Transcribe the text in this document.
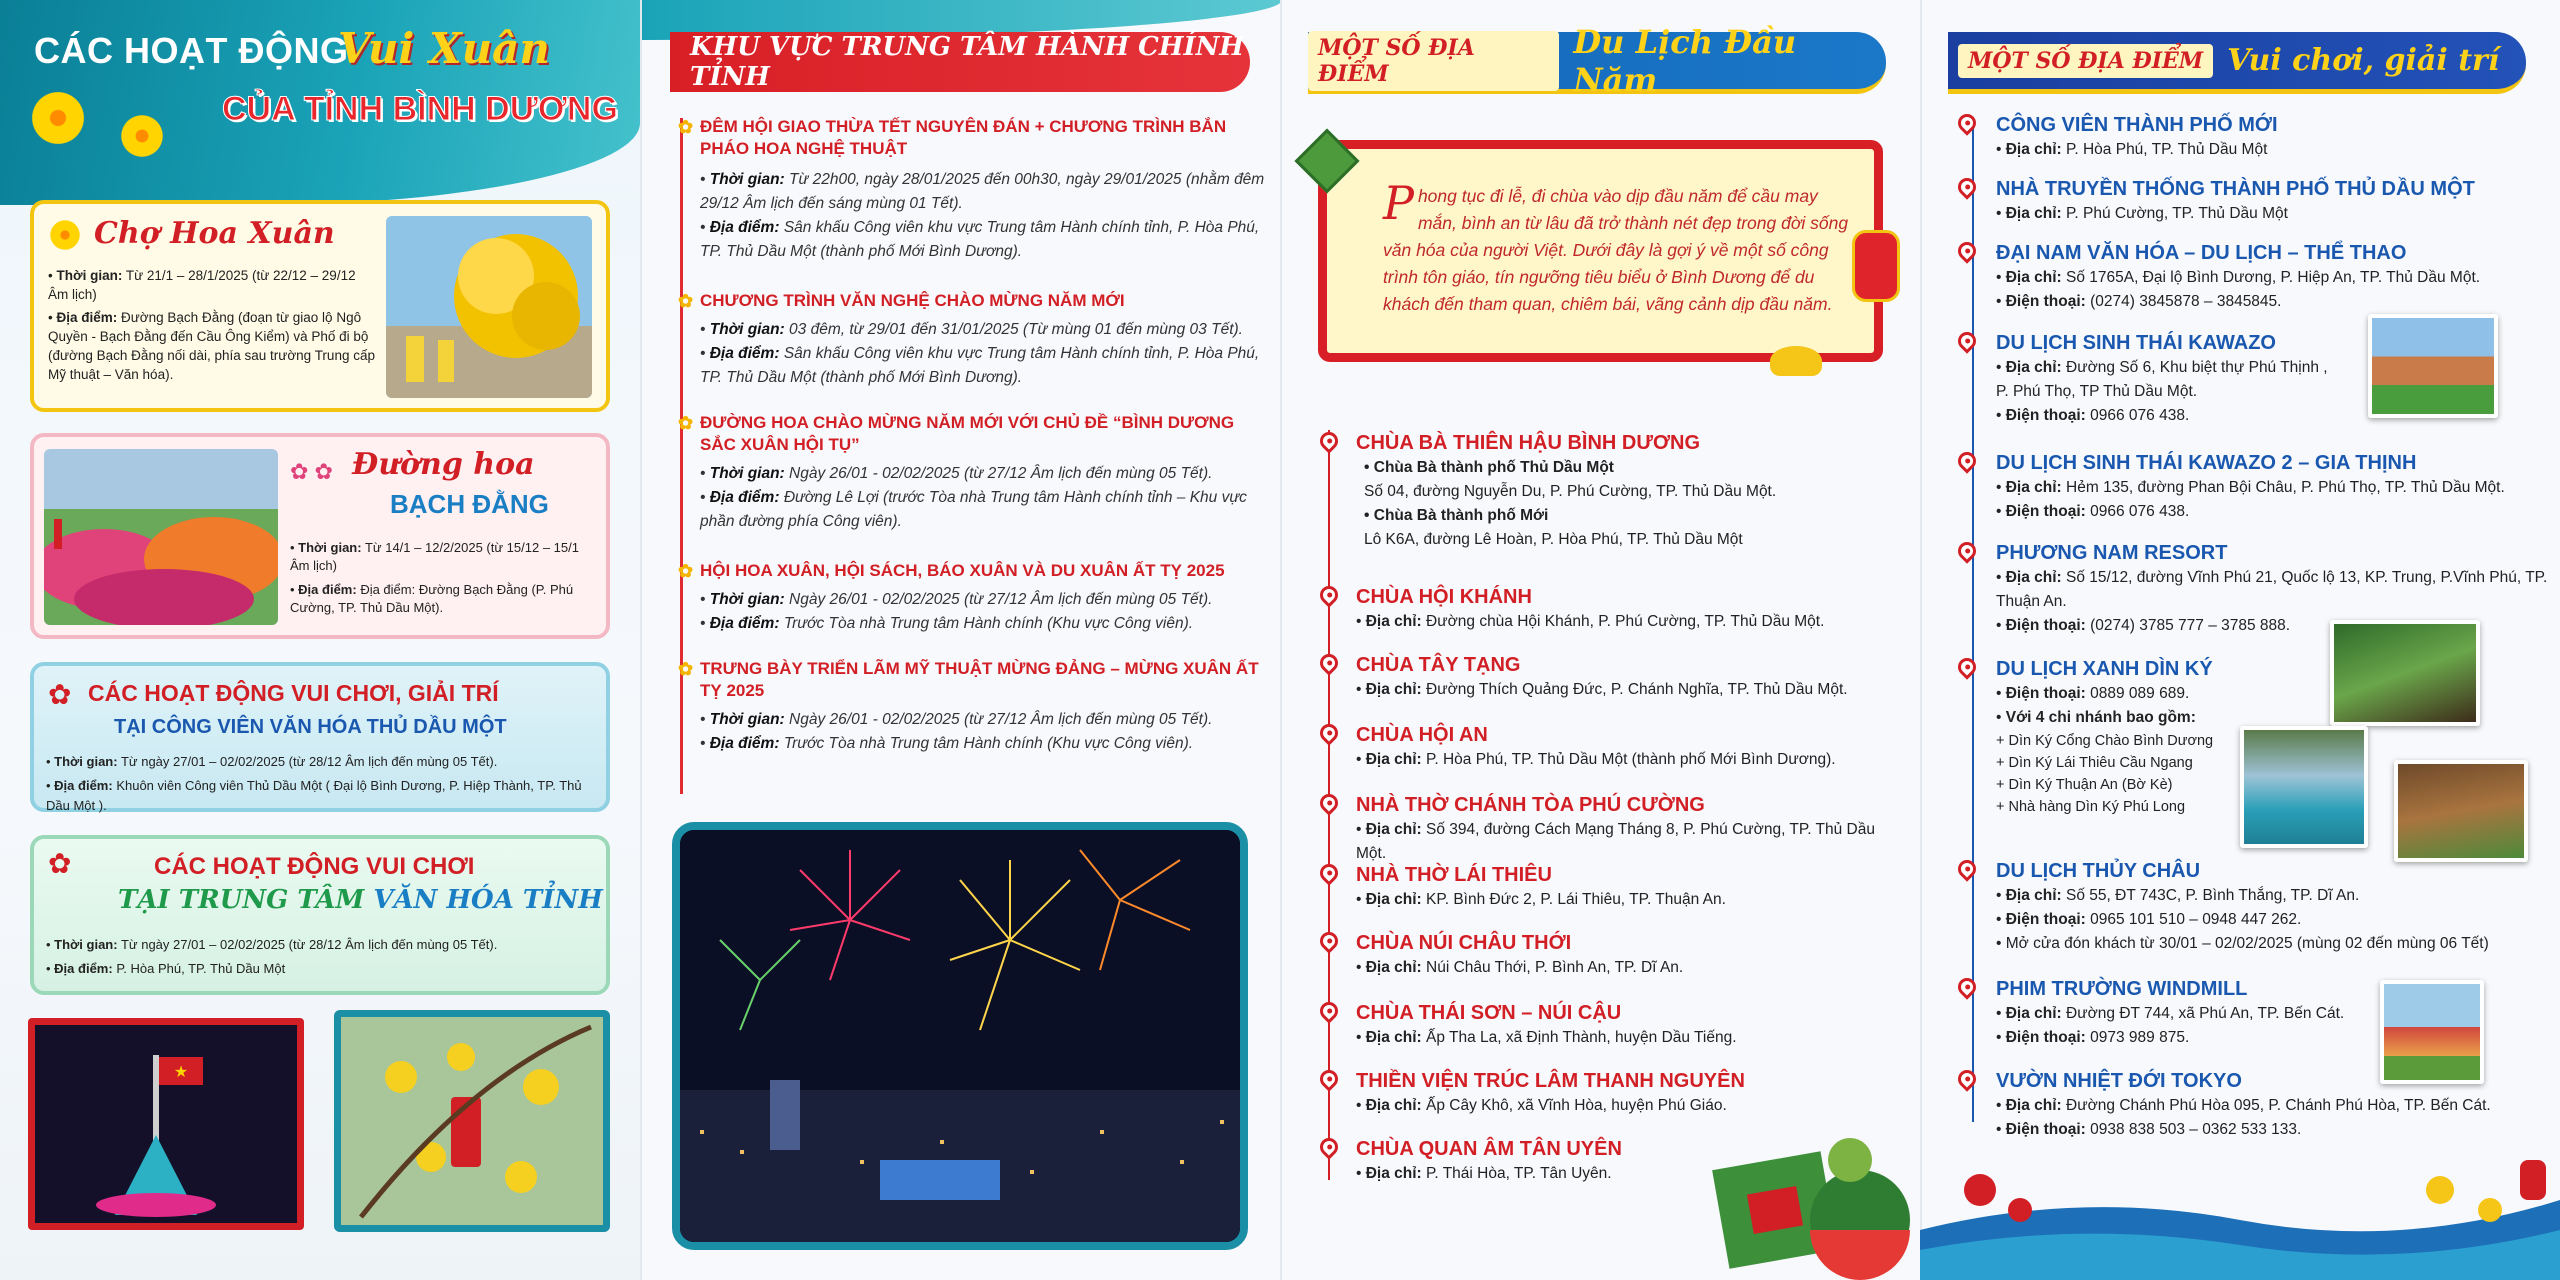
CÁC HOẠT ĐỘNG
Vui Xuân
CỦA TỈNH BÌNH DƯƠNG
Chợ Hoa Xuân
• Thời gian: Từ 21/1 – 28/1/2025 (từ 22/12 – 29/12 Âm lịch)
• Địa điểm: Đường Bạch Đằng (đoạn từ giao lộ Ngô Quyền - Bạch Đằng đến Cầu Ông Kiểm) và Phố đi bộ (đường Bạch Đằng nối dài, phía sau trường Trung cấp Mỹ thuật – Văn hóa).
✿ ✿ Đường hoa
BẠCH ĐẰNG
• Thời gian: Từ 14/1 – 12/2/2025 (từ 15/12 – 15/1 Âm lịch)
• Địa điểm: Địa điểm: Đường Bạch Đằng (P. Phú Cường, TP. Thủ Dầu Một).
✿ CÁC HOẠT ĐỘNG VUI CHƠI, GIẢI TRÍ
TẠI CÔNG VIÊN VĂN HÓA THỦ DẦU MỘT
• Thời gian: Từ ngày 27/01 – 02/02/2025 (từ 28/12 Âm lịch đến mùng 05 Tết).
• Địa điểm: Khuôn viên Công viên Thủ Dầu Một ( Đại lộ Bình Dương, P. Hiệp Thành, TP. Thủ Dầu Một ).
✿	CÁC HOẠT ĐỘNG VUI CHƠI
TẠI TRUNG TÂM VĂN HÓA TỈNH
• Thời gian: Từ ngày 27/01 – 02/02/2025 (từ 28/12 Âm lịch đến mùng 05 Tết).
• Địa điểm: P. Hòa Phú, TP. Thủ Dầu Một
★
KHU VỰC TRUNG TÂM HÀNH CHÍNH TỈNH
✿ ĐÊM HỘI GIAO THỪA TẾT NGUYÊN ĐÁN + CHƯƠNG TRÌNH BẮN PHÁO HOA NGHỆ THUẬT
• Thời gian: Từ 22h00, ngày 28/01/2025 đến 00h30, ngày 29/01/2025 (nhằm đêm 29/12 Âm lịch đến sáng mùng 01 Tết).
• Địa điểm: Sân khấu Công viên khu vực Trung tâm Hành chính tỉnh, P. Hòa Phú, TP. Thủ Dầu Một (thành phố Mới Bình Dương).
✿ CHƯƠNG TRÌNH VĂN NGHỆ CHÀO MỪNG NĂM MỚI
• Thời gian: 03 đêm, từ 29/01 đến 31/01/2025 (Từ mùng 01 đến mùng 03 Tết).
• Địa điểm: Sân khấu Công viên khu vực Trung tâm Hành chính tỉnh, P. Hòa Phú, TP. Thủ Dầu Một (thành phố Mới Bình Dương).
✿ ĐƯỜNG HOA CHÀO MỪNG NĂM MỚI VỚI CHỦ ĐỀ “BÌNH DƯƠNG SẮC XUÂN HỘI TỤ”
• Thời gian: Ngày 26/01 - 02/02/2025 (từ 27/12 Âm lịch đến mùng 05 Tết).
• Địa điểm: Đường Lê Lợi (trước Tòa nhà Trung tâm Hành chính tỉnh – Khu vực phần đường phía Công viên).
✿ HỘI HOA XUÂN, HỘI SÁCH, BÁO XUÂN VÀ DU XUÂN ẤT TỴ 2025
• Thời gian: Ngày 26/01 - 02/02/2025 (từ 27/12 Âm lịch đến mùng 05 Tết).
• Địa điểm: Trước Tòa nhà Trung tâm Hành chính (Khu vực Công viên).
✿ TRƯNG BÀY TRIỂN LÃM MỸ THUẬT MỪNG ĐẢNG – MỪNG XUÂN ẤT TỴ 2025
• Thời gian: Ngày 26/01 - 02/02/2025 (từ 27/12 Âm lịch đến mùng 05 Tết).
• Địa điểm: Trước Tòa nhà Trung tâm Hành chính (Khu vực Công viên).
MỘT SỐ ĐỊA ĐIỂM
Du Lịch Đầu Năm
Phong tục đi lễ, đi chùa vào dịp đầu năm để cầu may mắn, bình an từ lâu đã trở thành nét đẹp trong đời sống văn hóa của người Việt. Dưới đây là gợi ý về một số công trình tôn giáo, tín ngưỡng tiêu biểu ở Bình Dương để du khách đến tham quan, chiêm bái, vãng cảnh dịp đầu năm.
CHÙA BÀ THIÊN HẬU BÌNH DƯƠNG
• Chùa Bà thành phố Thủ Dầu Một
Số 04, đường Nguyễn Du, P. Phú Cường, TP. Thủ Dầu Một.
• Chùa Bà thành phố Mới
Lô K6A, đường Lê Hoàn, P. Hòa Phú, TP. Thủ Dầu Một
CHÙA HỘI KHÁNH
• Địa chỉ: Đường chùa Hội Khánh, P. Phú Cường, TP. Thủ Dầu Một.
CHÙA TÂY TẠNG
• Địa chỉ: Đường Thích Quảng Đức, P. Chánh Nghĩa, TP. Thủ Dầu Một.
CHÙA HỘI AN
• Địa chỉ: P. Hòa Phú, TP. Thủ Dầu Một (thành phố Mới Bình Dương).
NHÀ THỜ CHÁNH TÒA PHÚ CƯỜNG
• Địa chỉ: Số 394, đường Cách Mạng Tháng 8, P. Phú Cường, TP. Thủ Dầu Một.
NHÀ THỜ LÁI THIÊU
• Địa chỉ: KP. Bình Đức 2, P. Lái Thiêu, TP. Thuận An.
CHÙA NÚI CHÂU THỚI
• Địa chỉ: Núi Châu Thới, P. Bình An, TP. Dĩ An.
CHÙA THÁI SƠN – NÚI CẬU
• Địa chỉ: Ấp Tha La, xã Định Thành, huyện Dầu Tiếng.
THIỀN VIỆN TRÚC LÂM THANH NGUYÊN
• Địa chỉ: Ấp Cây Khô, xã Vĩnh Hòa, huyện Phú Giáo.
CHÙA QUAN ÂM TÂN UYÊN
• Địa chỉ: P. Thái Hòa, TP. Tân Uyên.
MỘT SỐ ĐỊA ĐIỂM Vui chơi, giải trí
CÔNG VIÊN THÀNH PHỐ MỚI
• Địa chỉ: P. Hòa Phú, TP. Thủ Dầu Một
NHÀ TRUYỀN THỐNG THÀNH PHỐ THỦ DẦU MỘT
• Địa chỉ: P. Phú Cường, TP. Thủ Dầu Một
ĐẠI NAM VĂN HÓA – DU LỊCH – THỂ THAO
• Địa chỉ: Số 1765A, Đại lộ Bình Dương, P. Hiệp An, TP. Thủ Dầu Một.
• Điện thoại: (0274) 3845878 – 3845845.
DU LỊCH SINH THÁI KAWAZO
• Địa chỉ: Đường Số 6, Khu biệt thự Phú Thịnh , P. Phú Thọ, TP Thủ Dầu Một.
• Điện thoại: 0966 076 438.
DU LỊCH SINH THÁI KAWAZO 2 – GIA THỊNH
• Địa chỉ: Hẻm 135, đường Phan Bội Châu, P. Phú Thọ, TP. Thủ Dầu Một.
• Điện thoại: 0966 076 438.
PHƯƠNG NAM RESORT
• Địa chỉ: Số 15/12, đường Vĩnh Phú 21, Quốc lộ 13, KP. Trung, P.Vĩnh Phú, TP. Thuận An.
• Điện thoại: (0274) 3785 777 – 3785 888.
DU LỊCH XANH DÌN KÝ
• Điện thoại: 0889 089 689.
• Với 4 chi nhánh bao gồm:
+ Dìn Ký Cổng Chào Bình Dương
+ Dìn Ký Lái Thiêu Cầu Ngang
+ Dìn Ký Thuận An (Bờ Kè)
+ Nhà hàng Dìn Ký Phú Long
DU LỊCH THỦY CHÂU
• Địa chỉ: Số 55, ĐT 743C, P. Bình Thắng, TP. Dĩ An.
• Điện thoại: 0965 101 510 – 0948 447 262.
• Mở cửa đón khách từ 30/01 – 02/02/2025 (mùng 02 đến mùng 06 Tết)
PHIM TRƯỜNG WINDMILL
• Địa chỉ: Đường ĐT 744, xã Phú An, TP. Bến Cát.
• Điện thoại: 0973 989 875.
VƯỜN NHIỆT ĐỚI TOKYO
• Địa chỉ: Đường Chánh Phú Hòa 095, P. Chánh Phú Hòa, TP. Bến Cát.
• Điện thoại: 0938 838 503 – 0362 533 133.
